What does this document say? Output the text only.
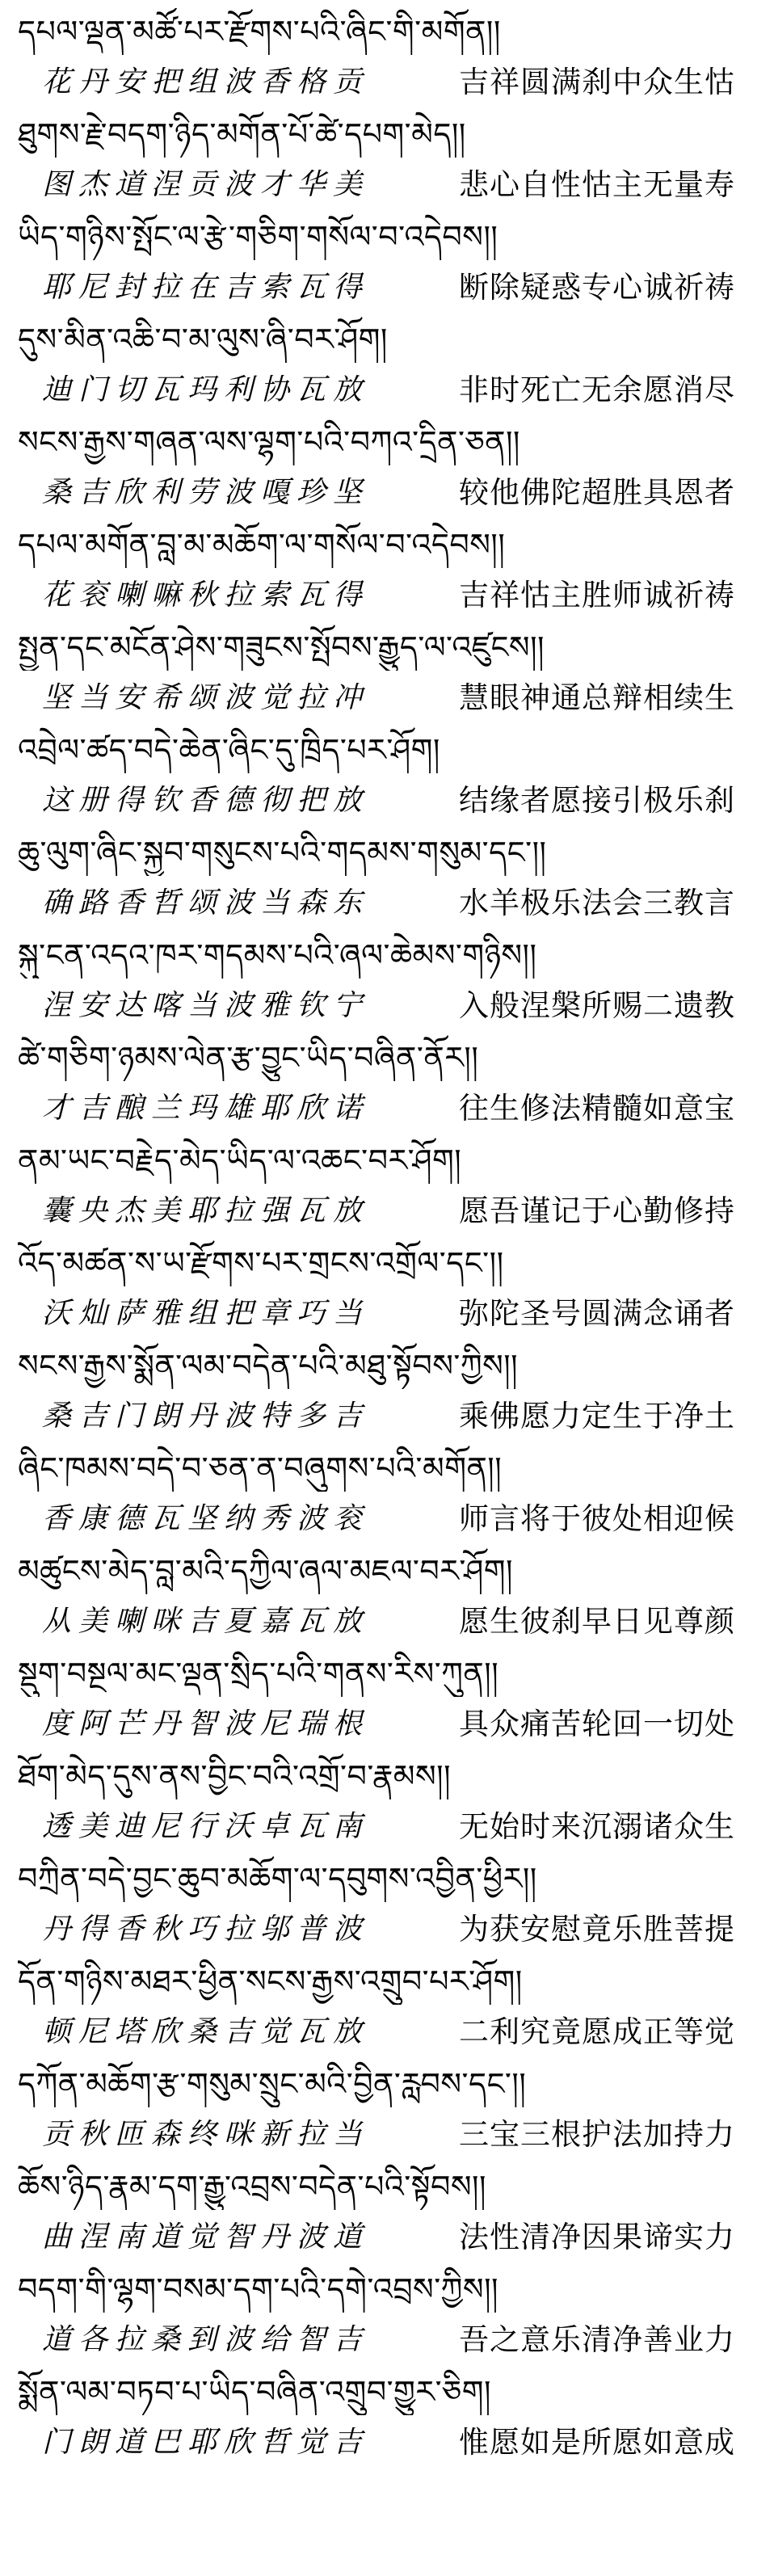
དཔལ་ལྡན་མཚོ་པར་རྫོགས་པའི་ཞིང་གི་མགོན།།
花丹安把组波香格贡	吉祥圆满刹中众生怙
ཐུགས་རྗེ་བདག་ཉིད་མགོན་པོ་ཚེ་དཔག་མེད།།
图杰道涅贡波才华美	悲心自性怙主无量寿
ཡིད་གཉིས་སྤོང་ལ་རྩེ་གཅིག་གསོལ་བ་འདེབས།།
耶尼封拉在吉索瓦得	断除疑惑专心诚祈祷
དུས་མིན་འཆི་བ་མ་ལུས་ཞི་བར་ཤོག།
迪门切瓦玛利协瓦放	非时死亡无余愿消尽
སངས་རྒྱས་གཞན་ལས་ལྷག་པའི་བཀའ་དྲིན་ཅན།།
桑吉欣利劳波嘎珍坚	较他佛陀超胜具恩者
དཔལ་མགོན་བླ་མ་མཆོག་ལ་གསོལ་བ་འདེབས།།
花衮喇嘛秋拉索瓦得	吉祥怙主胜师诚祈祷
སྤྱན་དང་མངོན་ཤེས་གཟུངས་སྤོབས་རྒྱུད་ལ་འཛུངས།།
坚当安希颂波觉拉冲	慧眼神通总辩相续生
འབྲེལ་ཚད་བདེ་ཆེན་ཞིང་དུ་ཁྲིད་པར་ཤོག།
这册得钦香德彻把放	结缘者愿接引极乐刹
ཆུ་ལུག་ཞིང་སྐྱབ་གསུངས་པའི་གདམས་གསུམ་དང་།།
确路香哲颂波当森东	水羊极乐法会三教言
སྐུ་ངན་འདའ་ཁར་གདམས་པའི་ཞལ་ཆེམས་གཉིས།།
涅安达喀当波雅钦宁	入般涅槃所赐二遗教
ཚེ་གཅིག་ཉམས་ལེན་རྩ་བྱུང་ཡིད་བཞིན་ནོར།།
才吉酿兰玛雄耶欣诺	往生修法精髓如意宝
ནམ་ཡང་བརྗེད་མེད་ཡིད་ལ་འཆང་བར་ཤོག།
囊央杰美耶拉强瓦放	愿吾谨记于心勤修持
འོད་མཚན་ས་ཡ་རྫོགས་པར་གྲངས་འགྲོལ་དང་།།
沃灿萨雅组把章巧当	弥陀圣号圆满念诵者
སངས་རྒྱས་སྨོན་ལམ་བདེན་པའི་མཐུ་སྟོབས་ཀྱིས།།
桑吉门朗丹波特多吉	乘佛愿力定生于净土
ཞིང་ཁམས་བདེ་བ་ཅན་ན་བཞུགས་པའི་མགོན།།
香康德瓦坚纳秀波衮	师言将于彼处相迎候
མཚུངས་མེད་བླ་མའི་དཀྱིལ་ཞལ་མཇལ་བར་ཤོག།
从美喇咪吉夏嘉瓦放	愿生彼刹早日见尊颜
སྡུག་བསྔལ་མང་ལྡན་སྲིད་པའི་གནས་རིས་ཀུན།།
度阿芒丹智波尼瑞根	具众痛苦轮回一切处
ཐོག་མེད་དུས་ནས་བྱིང་བའི་འགྲོ་བ་རྣམས།།
透美迪尼行沃卓瓦南	无始时来沉溺诸众生
བཀྲིན་བདེ་བྱང་ཆུབ་མཆོག་ལ་དབུགས་འབྱིན་ཕྱིར།།
丹得香秋巧拉邬普波	为获安慰竟乐胜菩提
དོན་གཉིས་མཐར་ཕྱིན་སངས་རྒྱས་འགྲུབ་པར་ཤོག།
顿尼塔欣桑吉觉瓦放	二利究竟愿成正等觉
དཀོན་མཆོག་རྩ་གསུམ་སྲུང་མའི་བྱིན་རླབས་དང་།།
贡秋匝森终咪新拉当	三宝三根护法加持力
ཆོས་ཉིད་རྣམ་དག་རྒྱུ་འབྲས་བདེན་པའི་སྟོབས།།
曲涅南道觉智丹波道	法性清净因果谛实力
བདག་གི་ལྷག་བསམ་དག་པའི་དགེ་འབྲས་ཀྱིས།།
道各拉桑到波给智吉	吾之意乐清净善业力
སྨོན་ལམ་བཏབ་པ་ཡིད་བཞིན་འགྲུབ་གྱུར་ཅིག།
门朗道巴耶欣哲觉吉	惟愿如是所愿如意成
